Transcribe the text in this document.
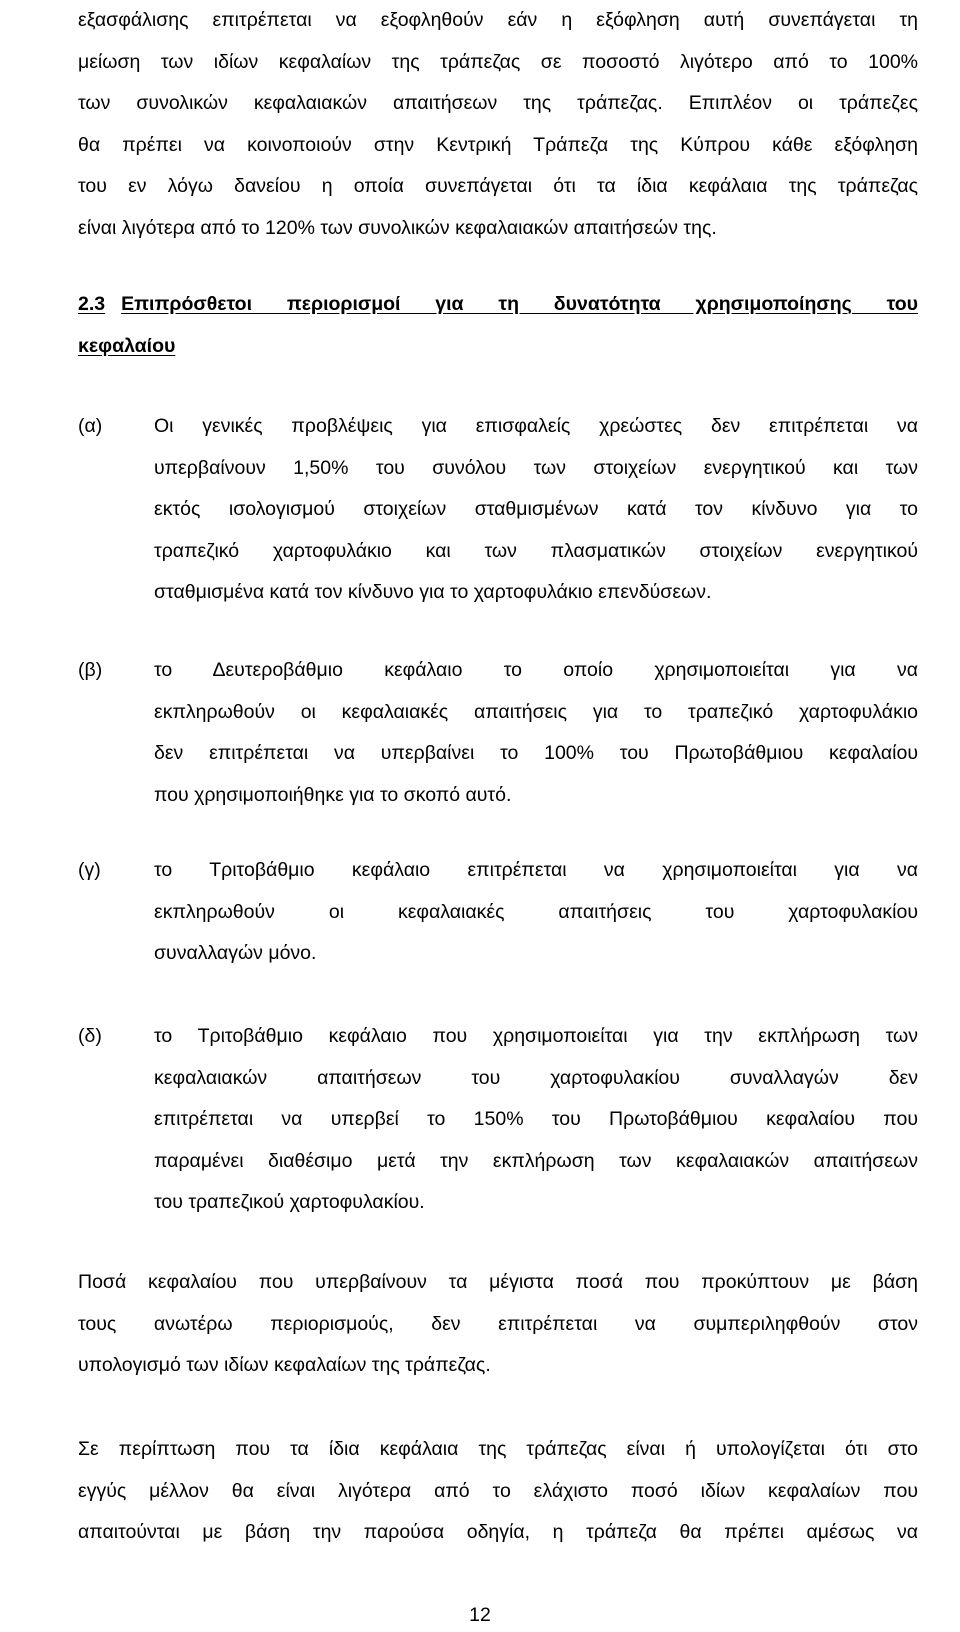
εξασφάλισης επιτρέπεται να εξοφληθούν εάν η εξόφληση αυτή συνεπάγεται τη
μείωση των ιδίων κεφαλαίων της τράπεζας σε ποσοστό λιγότερο από το 100%
των συνολικών κεφαλαιακών απαιτήσεων της τράπεζας. Επιπλέον οι τράπεζες
θα πρέπει να κοινοποιούν στην Κεντρική Τράπεζα της Κύπρου κάθε εξόφληση
του εν λόγω δανείου η οποία συνεπάγεται ότι τα ίδια κεφάλαια της τράπεζας
είναι λιγότερα από το 120% των συνολικών κεφαλαιακών απαιτήσεών της.
2.3 Επιπρόσθετοι περιορισμοί για τη δυνατότητα χρησιμοποίησης του
κεφαλαίου
(α)	Οι γενικές προβλέψεις για επισφαλείς χρεώστες δεν επιτρέπεται να
υπερβαίνουν 1,50% του συνόλου των στοιχείων ενεργητικού και των
εκτός ισολογισμού στοιχείων σταθμισμένων κατά τον κίνδυνο για το
τραπεζικό χαρτοφυλάκιο και των πλασματικών στοιχείων ενεργητικού
σταθμισμένα κατά τον κίνδυνο για το χαρτοφυλάκιο επενδύσεων.
(β)	το Δευτεροβάθμιο κεφάλαιο το οποίο χρησιμοποιείται για να
εκπληρωθούν οι κεφαλαιακές απαιτήσεις για το τραπεζικό χαρτοφυλάκιο
δεν επιτρέπεται να υπερβαίνει το 100% του Πρωτοβάθμιου κεφαλαίου
που χρησιμοποιήθηκε για το σκοπό αυτό.
(γ)	το Τριτοβάθμιο κεφάλαιο επιτρέπεται να χρησιμοποιείται για να
εκπληρωθούν οι κεφαλαιακές απαιτήσεις του χαρτοφυλακίου
συναλλαγών μόνο.
(δ)	το Τριτοβάθμιο κεφάλαιο που χρησιμοποιείται για την εκπλήρωση των
κεφαλαιακών απαιτήσεων του χαρτοφυλακίου συναλλαγών δεν
επιτρέπεται να υπερβεί το 150% του Πρωτοβάθμιου κεφαλαίου που
παραμένει διαθέσιμο μετά την εκπλήρωση των κεφαλαιακών απαιτήσεων
του τραπεζικού χαρτοφυλακίου.
Ποσά κεφαλαίου που υπερβαίνουν τα μέγιστα ποσά που προκύπτουν με βάση
τους ανωτέρω περιορισμούς, δεν επιτρέπεται να συμπεριληφθούν στον
υπολογισμό των ιδίων κεφαλαίων της τράπεζας.
Σε περίπτωση που τα ίδια κεφάλαια της τράπεζας είναι ή υπολογίζεται ότι στο
εγγύς μέλλον θα είναι λιγότερα από το ελάχιστο ποσό ιδίων κεφαλαίων που
απαιτούνται με βάση την παρούσα οδηγία, η τράπεζα θα πρέπει αμέσως να
12
